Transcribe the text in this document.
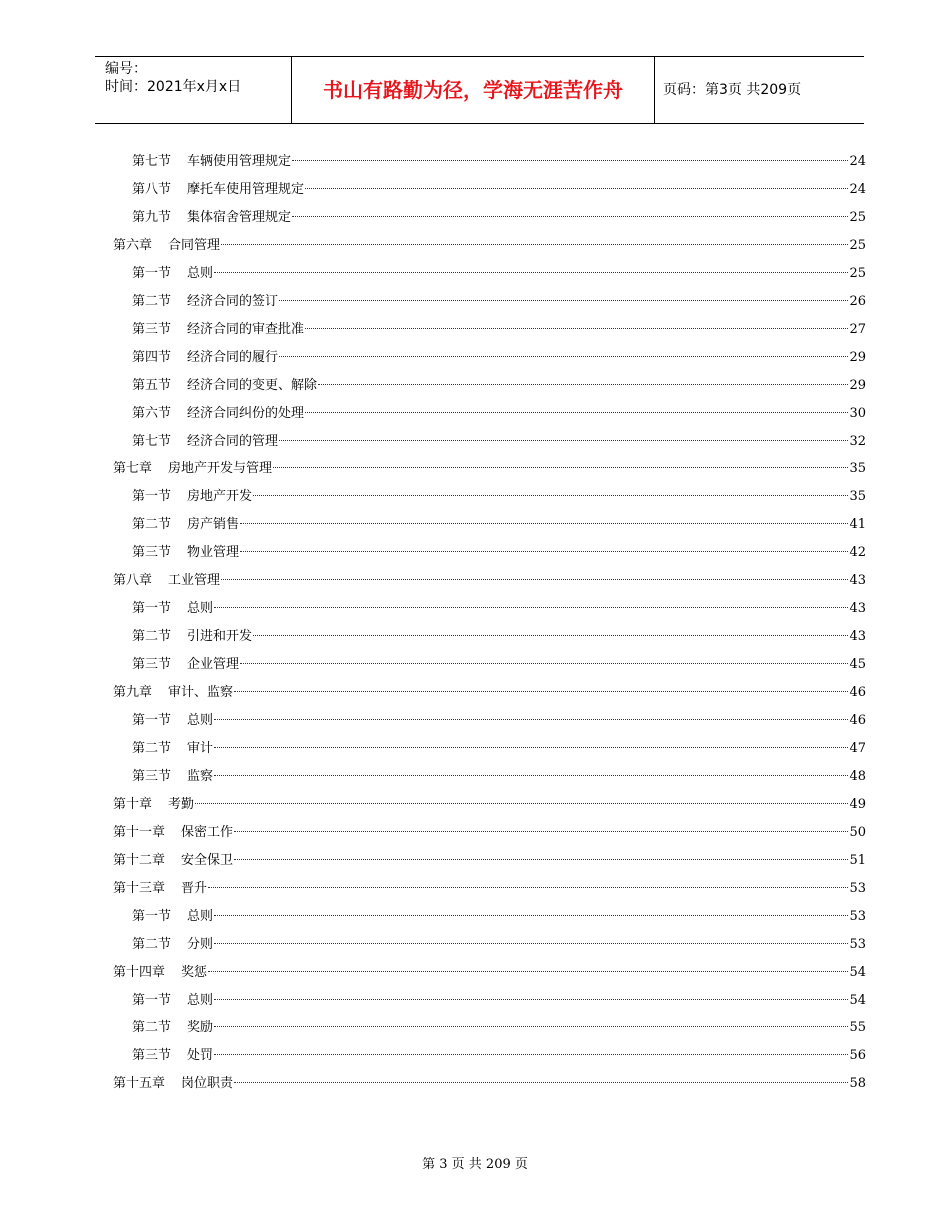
编号：
时间：2021年x月x日	书山有路勤为径，学海无涯苦作舟	页码：第3页 共209页
第七节 车辆使用管理规定	24
第八节 摩托车使用管理规定	24
第九节 集体宿舍管理规定	25
第六章 合同管理	25
第一节 总则	25
第二节 经济合同的签订	26
第三节 经济合同的审查批准	27
第四节 经济合同的履行	29
第五节 经济合同的变更、解除	29
第六节 经济合同纠份的处理	30
第七节 经济合同的管理	32
第七章 房地产开发与管理	35
第一节 房地产开发	35
第二节 房产销售	41
第三节 物业管理	42
第八章 工业管理	43
第一节 总则	43
第二节 引进和开发	43
第三节 企业管理	45
第九章 审计、监察	46
第一节 总则	46
第二节 审计	47
第三节 监察	48
第十章 考勤	49
第十一章 保密工作	50
第十二章 安全保卫	51
第十三章 晋升	53
第一节 总则	53
第二节 分则	53
第十四章 奖惩	54
第一节 总则	54
第二节 奖励	55
第三节 处罚	56
第十五章 岗位职责	58
第 3 页 共 209 页
